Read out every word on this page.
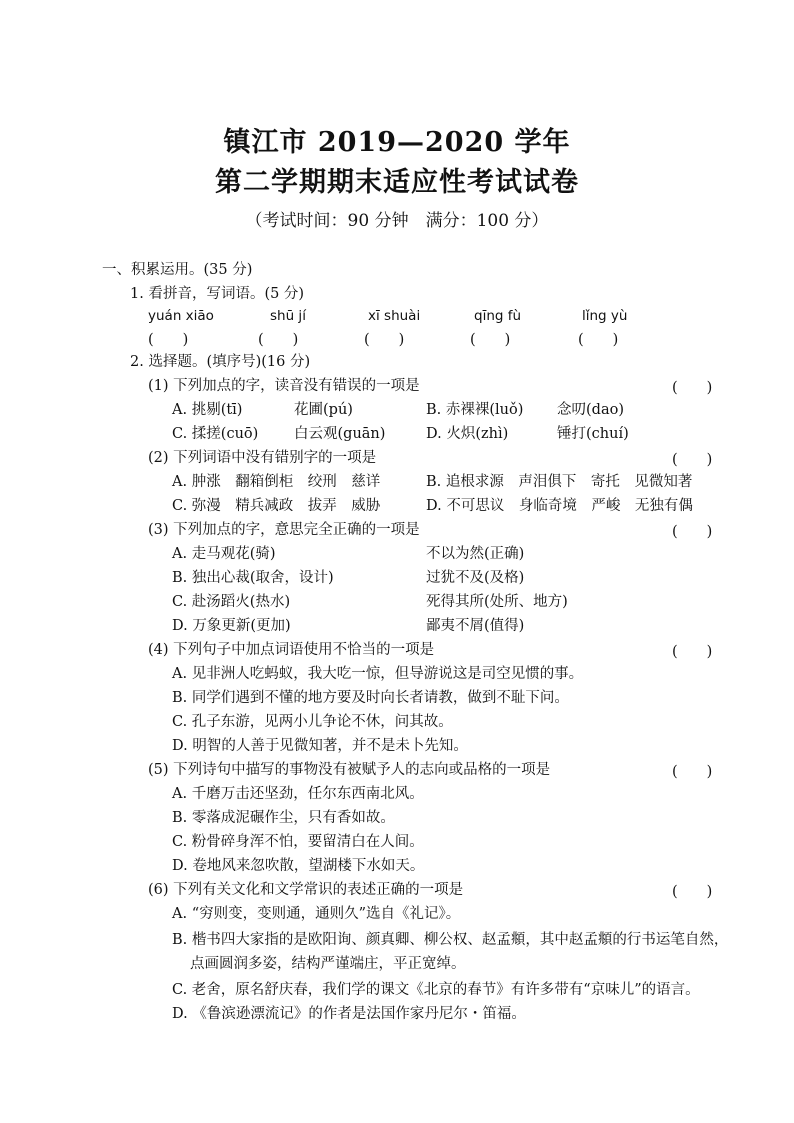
镇江市 2019—2020 学年
第二学期期末适应性考试试卷
（考试时间：90 分钟　满分：100 分）
一、积累运用。(35 分)
1. 看拼音，写词语。(5 分)
yuán xiāo	shū jí	xī shuài	qīng fù	lǐng yù
(　　)	(　　)	(　　)	(　　)	(　　)
2. 选择题。(填序号)(16 分)
(1) 下列加点的字，读音没有错误的一项是	(　　)
A. 挑剔(tī)	花圃(pú)	B. 赤裸裸(luǒ) 念叨(dao)
C. 揉搓(cuō) 白云观(guān)	D. 火炽(zhì)	锤打(chuí)
(2) 下列词语中没有错别字的一项是	(　　)
A. 肿涨　翻箱倒柜　绞刑　慈详	B. 追根求源　声泪俱下　寄托　见微知著
C. 弥漫　精兵减政　拔弄　威胁	D. 不可思议　身临奇境　严峻　无独有偶
(3) 下列加点的字，意思完全正确的一项是	(　　)
A. 走马观花(骑)	不以为然(正确)
B. 独出心裁(取舍，设计)	过犹不及(及格)
C. 赴汤蹈火(热水)	死得其所(处所、地方)
D. 万象更新(更加)	鄙夷不屑(值得)
(4) 下列句子中加点词语使用不恰当的一项是	(　　)
A. 见非洲人吃蚂蚁，我大吃一惊，但导游说这是司空见惯的事。
B. 同学们遇到不懂的地方要及时向长者请教，做到不耻下问。
C. 孔子东游，见两小儿争论不休，问其故。
D. 明智的人善于见微知著，并不是未卜先知。
(5) 下列诗句中描写的事物没有被赋予人的志向或品格的一项是	(　　)
A. 千磨万击还坚劲，任尔东西南北风。
B. 零落成泥碾作尘，只有香如故。
C. 粉骨碎身浑不怕，要留清白在人间。
D. 卷地风来忽吹散，望湖楼下水如天。
(6) 下列有关文化和文学常识的表述正确的一项是	(　　)
A. “穷则变，变则通，通则久”选自《礼记》。
B. 楷书四大家指的是欧阳询、颜真卿、柳公权、赵孟頫，其中赵孟頫的行书运笔自然，
点画圆润多姿，结构严谨端庄，平正宽绰。
C. 老舍，原名舒庆春，我们学的课文《北京的春节》有许多带有“京味儿”的语言。
D. 《鲁滨逊漂流记》的作者是法国作家丹尼尔・笛福。
